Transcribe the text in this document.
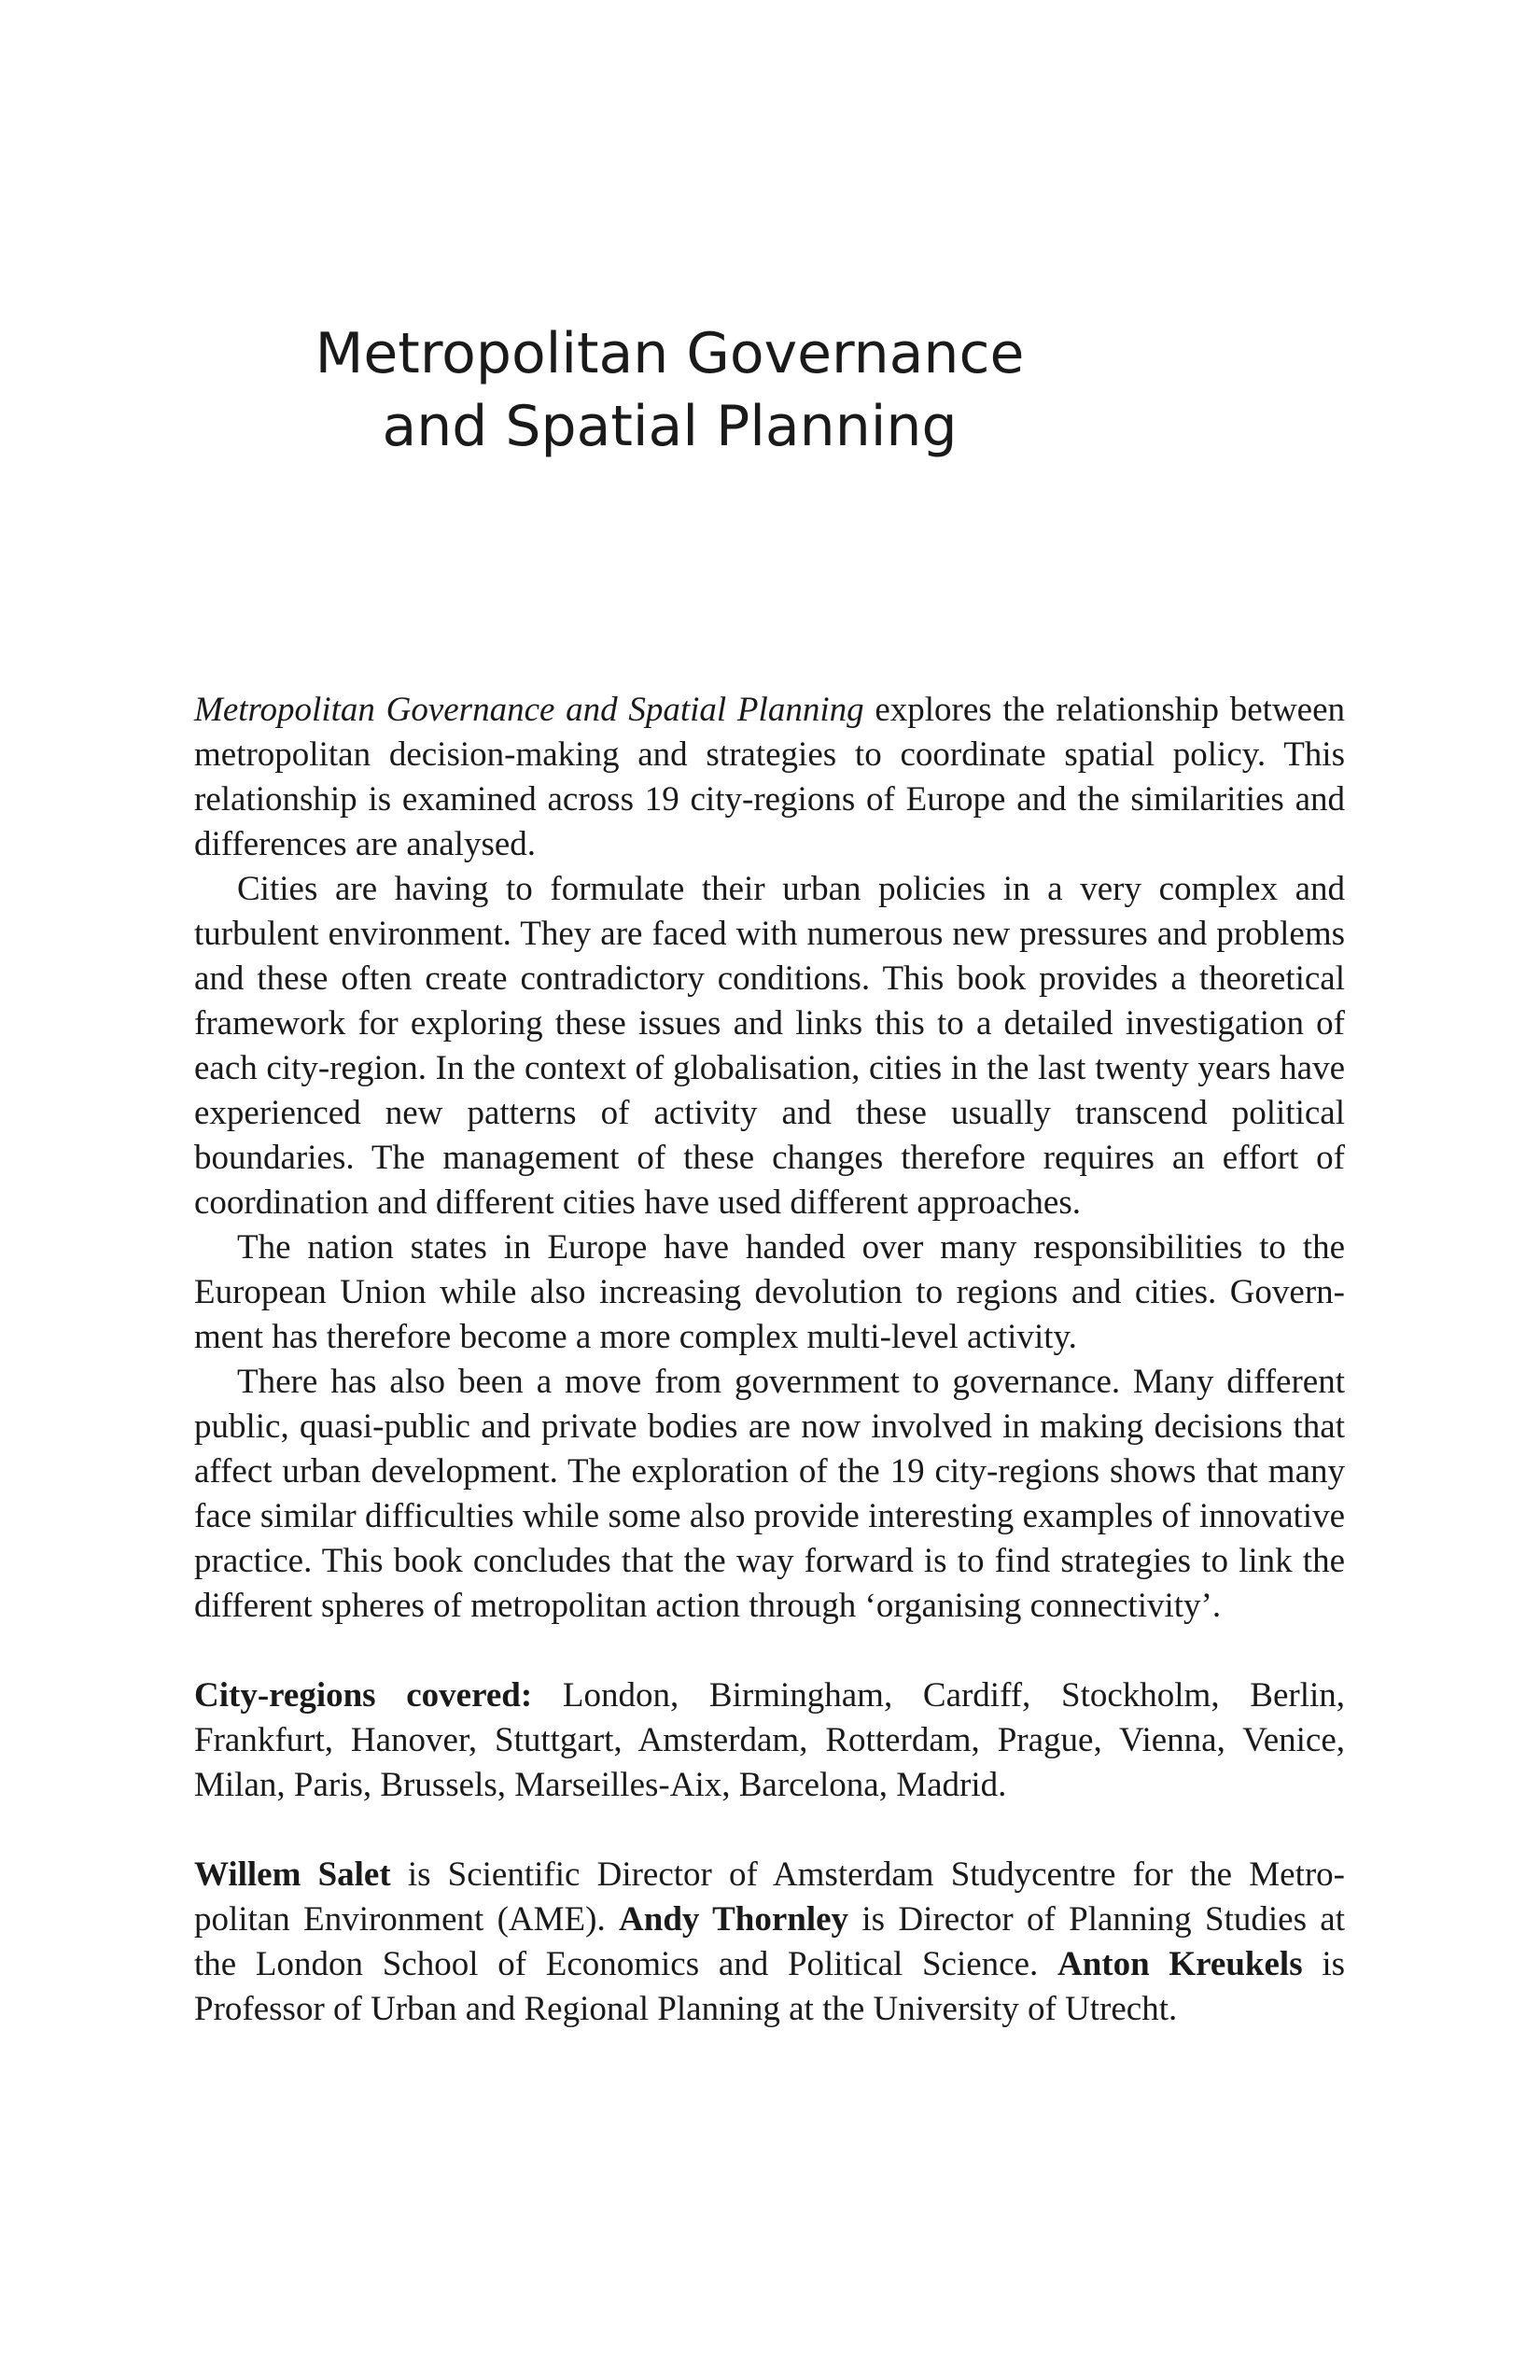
Metropolitan Governance
and Spatial Planning

Metropolitan Governance and Spatial Planning explores the relationship between metropolitan decision-making and strategies to coordinate spatial policy. This relationship is examined across 19 city-regions of Europe and the similarities and differences are analysed.

Cities are having to formulate their urban policies in a very complex and turbulent environment. They are faced with numerous new pressures and problems and these often create contradictory conditions. This book provides a theoretical framework for exploring these issues and links this to a detailed investigation of each city-region. In the context of globalisation, cities in the last twenty years have experienced new patterns of activity and these usually transcend political boundaries. The management of these changes therefore requires an effort of coordination and different cities have used different approaches.

The nation states in Europe have handed over many responsibilities to the European Union while also increasing devolution to regions and cities. Govern-ment has therefore become a more complex multi-level activity.

There has also been a move from government to governance. Many different public, quasi-public and private bodies are now involved in making decisions that affect urban development. The exploration of the 19 city-regions shows that many face similar difficulties while some also provide interesting examples of innovative practice. This book concludes that the way forward is to find strategies to link the different spheres of metropolitan action through ‘organising connectivity’.

City-regions covered: London, Birmingham, Cardiff, Stockholm, Berlin, Frankfurt, Hanover, Stuttgart, Amsterdam, Rotterdam, Prague, Vienna, Venice, Milan, Paris, Brussels, Marseilles-Aix, Barcelona, Madrid.

Willem Salet is Scientific Director of Amsterdam Studycentre for the Metro-politan Environment (AME). Andy Thornley is Director of Planning Studies at the London School of Economics and Political Science. Anton Kreukels is Professor of Urban and Regional Planning at the University of Utrecht.
